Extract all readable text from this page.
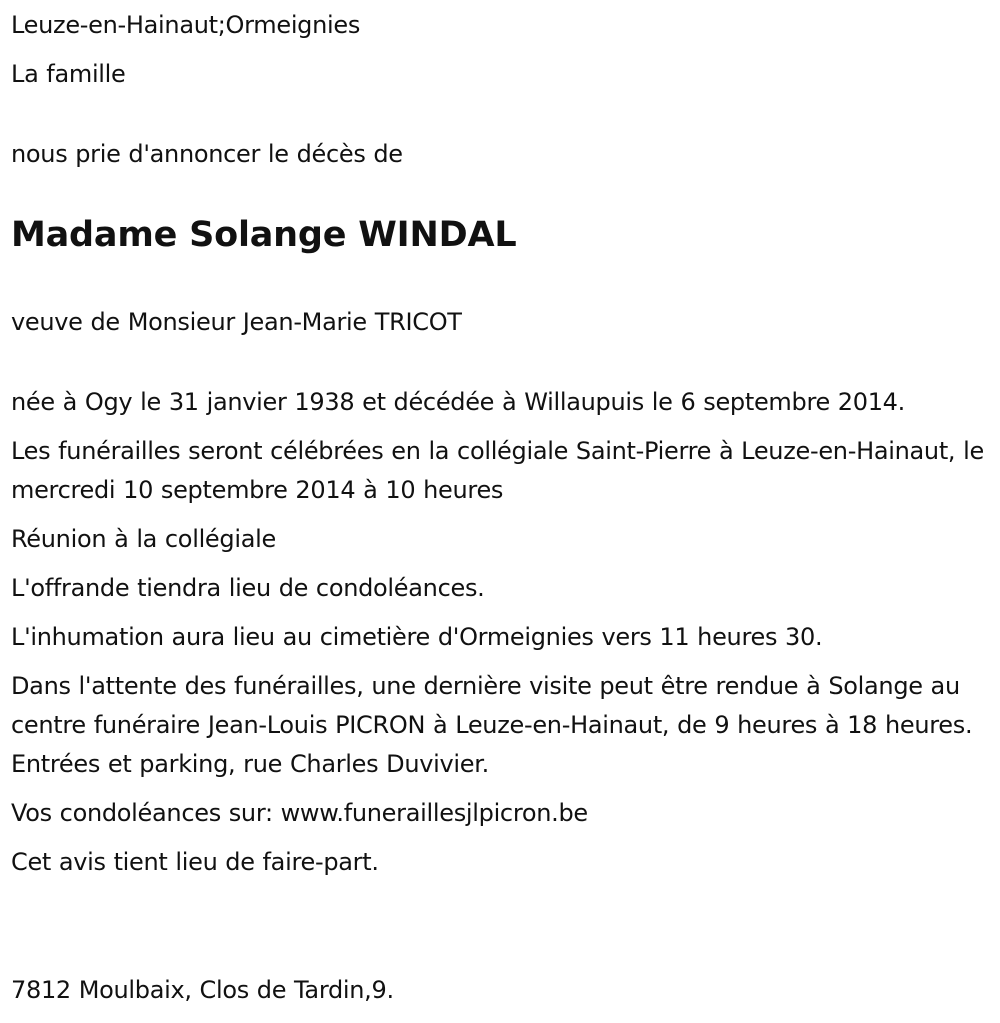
Leuze-en-Hainaut;Ormeignies

La famille

nous prie d'annoncer le décès de

Madame Solange WINDAL

veuve de Monsieur Jean-Marie TRICOT

née à Ogy le 31 janvier 1938 et décédée à Willaupuis le 6 septembre 2014.

Les funérailles seront célébrées en la collégiale Saint-Pierre à Leuze-en-Hainaut, le mercredi 10 septembre 2014 à 10 heures

Réunion à la collégiale

L'offrande tiendra lieu de condoléances.

L'inhumation aura lieu au cimetière d'Ormeignies vers 11 heures 30.

Dans l'attente des funérailles, une dernière visite peut être rendue à Solange au centre funéraire Jean-Louis PICRON à Leuze-en-Hainaut, de 9 heures à 18 heures. Entrées et parking, rue Charles Duvivier.

Vos condoléances sur: www.funeraillesjlpicron.be

Cet avis tient lieu de faire-part.

7812 Moulbaix, Clos de Tardin,9.
